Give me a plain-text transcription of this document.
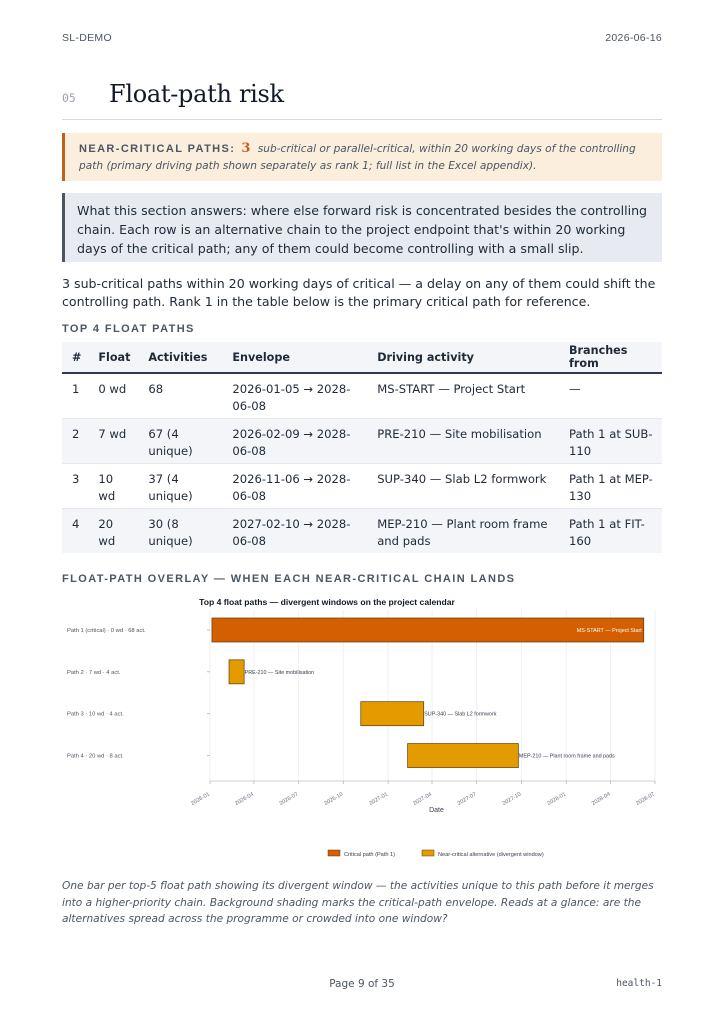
SL-DEMO	2026-06-16
05	Float-path risk
NEAR-CRITICAL PATHS: 3 sub-critical or parallel-critical, within 20 working days of the controlling path (primary driving path shown separately as rank 1; full list in the Excel appendix).
What this section answers: where else forward risk is concentrated besides the controlling chain. Each row is an alternative chain to the project endpoint that's within 20 working days of the critical path; any of them could become controlling with a small slip.
3 sub-critical paths within 20 working days of critical — a delay on any of them could shift the controlling path. Rank 1 in the table below is the primary critical path for reference.
TOP 4 FLOAT PATHS
#	Float	Activities	Envelope	Driving activity	Branches from
1	0 wd	68	2026-01-05 → 2028-06-08	MS-START — Project Start	—
2	7 wd	67 (4 unique)	2026-02-09 → 2028-06-08	PRE-210 — Site mobilisation	Path 1 at SUB-110
3	10 wd	37 (4 unique)	2026-11-06 → 2028-06-08	SUP-340 — Slab L2 formwork	Path 1 at MEP-130
4	20 wd	30 (8 unique)	2027-02-10 → 2028-06-08	MEP-210 — Plant room frame and pads	Path 1 at FIT-160
FLOAT-PATH OVERLAY — WHEN EACH NEAR-CRITICAL CHAIN LANDS
Top 4 float paths — divergent windows on the project calendar
2026-01	2026-04	2026-07	2026-10	2027-01	2027-04	2027-07	2027-10	2028-01	2028-04	2028-07
Date
Path 1 (critical) · 0 wd · 68 act.	MS-START — Project Start
Path 2 · 7 wd · 4 act.	PRE-210 — Site mobilisation
Path 3 · 10 wd · 4 act.	SUP-340 — Slab L2 formwork
Path 4 · 20 wd · 8 act.	MEP-210 — Plant room frame and pads
Critical path (Path 1)	Near-critical alternative (divergent window)
One bar per top-5 float path showing its divergent window — the activities unique to this path before it merges into a higher-priority chain. Background shading marks the critical-path envelope. Reads at a glance: are the alternatives spread across the programme or crowded into one window?
Page 9 of 35	health-1
